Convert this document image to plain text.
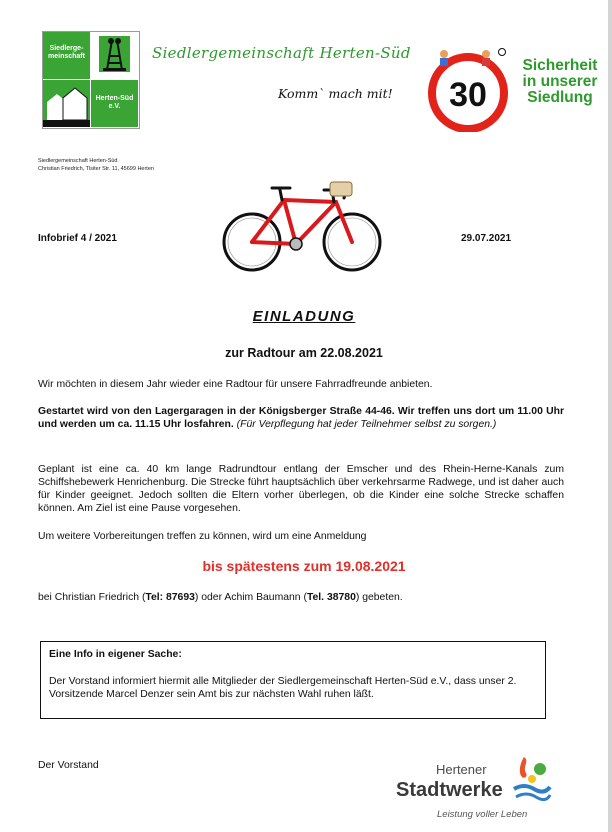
Siedlerge-
meinschaft
Herten-Süd
e.V.
Siedlergemeinschaft Herten-Süd
Komm` mach mit! 30
Sicherheit
in unserer
Siedlung
Siedlergemeinschaft Herten-Süd
Christian Friedrich, Tlsiter Str. 11, 45699 Herten
Infobrief 4 / 2021	29.07.2021
EINLADUNG
zur Radtour am 22.08.2021
Wir möchten in diesem Jahr wieder eine Radtour für unsere Fahrradfreunde anbieten.
Gestartet wird von den Lagergaragen in der Königsberger Straße 44-46. Wir treffen uns dort um 11.00 Uhr und werden um ca. 11.15 Uhr losfahren. (Für Verpflegung hat jeder Teilnehmer selbst zu sorgen.)
Geplant ist eine ca. 40 km lange Radrundtour entlang der Emscher und des Rhein-Herne-Kanals zum Schiffshebewerk Henrichenburg. Die Strecke führt hauptsächlich über verkehrsarme Radwege, und ist daher auch für Kinder geeignet. Jedoch sollten die Eltern vorher überlegen, ob die Kinder eine solche Strecke schaffen können. Am Ziel ist eine Pause vorgesehen.
Um weitere Vorbereitungen treffen zu können, wird um eine Anmeldung
bis spätestens zum 19.08.2021
bei Christian Friedrich (Tel: 87693) oder Achim Baumann (Tel. 38780) gebeten.
Eine Info in eigener Sache:
Der Vorstand informiert hiermit alle Mitglieder der Siedlergemeinschaft Herten-Süd e.V., dass unser 2. Vorsitzende Marcel Denzer sein Amt bis zur nächsten Wahl ruhen läßt.
Der Vorstand	Hertener
Stadtwerke
Leistung voller Leben
